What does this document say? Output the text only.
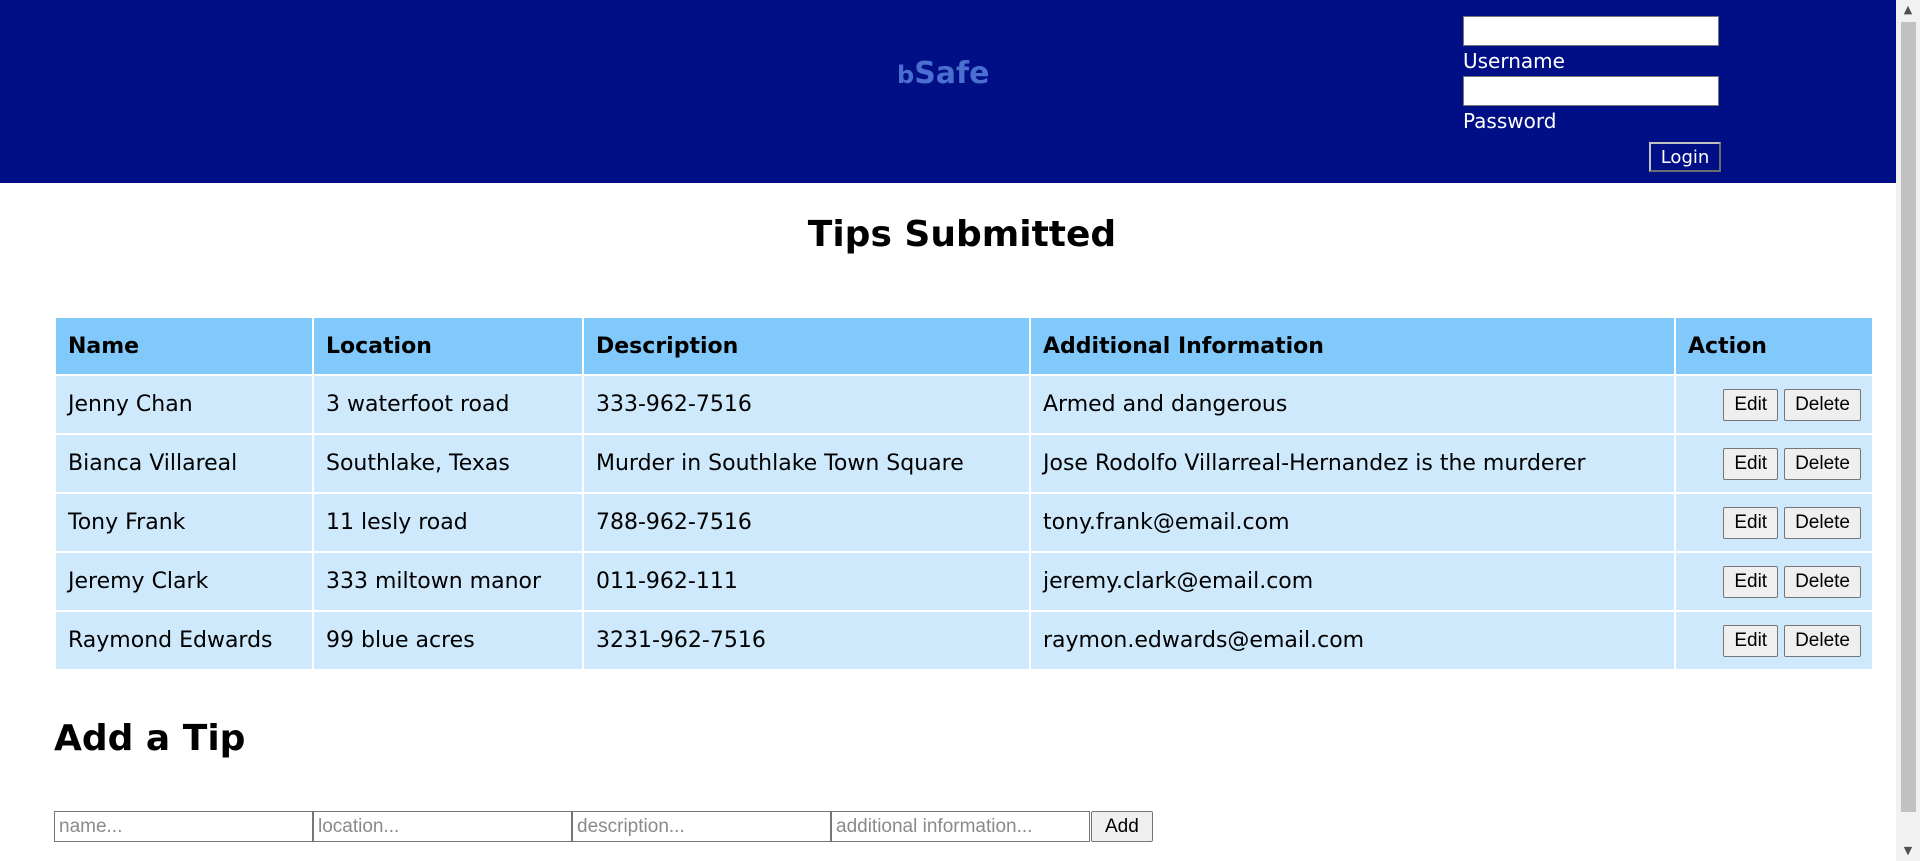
bSafe	Username
Password
Login
Tips Submitted
Name	Location	Description	Additional Information	Action
Jenny Chan	3 waterfoot road	333-962-7516	Armed and dangerous	Edit Delete
Bianca Villareal	Southlake, Texas	Murder in Southlake Town Square	Jose Rodolfo Villarreal-Hernandez is the murderer	Edit Delete
Tony Frank	11 lesly road	788-962-7516	tony.frank@email.com	Edit Delete
Jeremy Clark	333 miltown manor	011-962-111	jeremy.clark@email.com	Edit Delete
Raymond Edwards	99 blue acres	3231-962-7516	raymon.edwards@email.com	Edit Delete
Add a Tip
name...
location...
description...
additional information...
Add
▲
▼
